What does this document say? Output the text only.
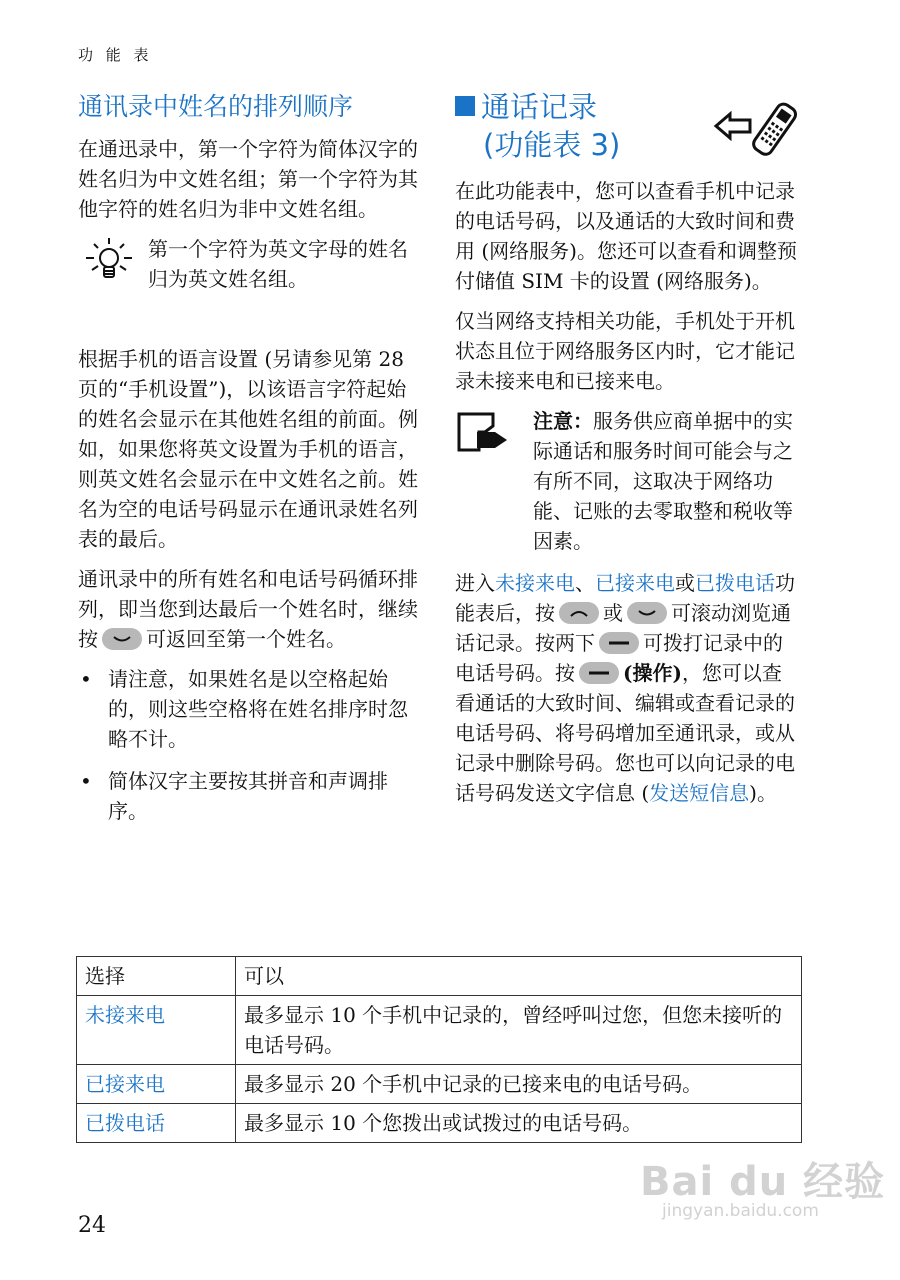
功 能 表
通讯录中姓名的排列顺序

在通迅录中，第一个字符为简体汉字的姓名归为中文姓名组；第一个字符为其他字符的姓名归为非中文姓名组。

第一个字符为英文字母的姓名归为英文姓名组。

根据手机的语言设置 (另请参见第 28 页的“手机设置”)，以该语言字符起始的姓名会显示在其他姓名组的前面。例如，如果您将英文设置为手机的语言，则英文姓名会显示在中文姓名之前。姓名为空的电话号码显示在通讯录姓名列表的最后。

通讯录中的所有姓名和电话号码循环排列，即当您到达最后一个姓名时，继续按 可返回至第一个姓名。

• 请注意，如果姓名是以空格起始的，则这些空格将在姓名排序时忽略不计。
• 简体汉字主要按其拼音和声调排序。
通话记录
(功能表 3)

在此功能表中，您可以查看手机中记录的电话号码，以及通话的大致时间和费用 (网络服务)。您还可以查看和调整预付储值 SIM 卡的设置 (网络服务)。

仅当网络支持相关功能，手机处于开机状态且位于网络服务区内时，它才能记录未接来电和已接来电。

注意：服务供应商单据中的实际通话和服务时间可能会与之有所不同，这取决于网络功能、记账的去零取整和税收等因素。

进入未接来电、已接来电或已拨电话功能表后，按 或 可滚动浏览通话记录。按两下 可拨打记录中的电话号码。按 (操作)，您可以查看通话的大致时间、编辑或查看记录的电话号码、将号码增加至通讯录，或从记录中删除号码。您也可以向记录的电话号码发送文字信息 (发送短信息)。

选择	可以
未接来电	最多显示 10 个手机中记录的，曾经呼叫过您，但您未接听的电话号码。
已接来电	最多显示 20 个手机中记录的已接来电的电话号码。
已拨电话	最多显示 10 个您拨出或试拨过的电话号码。
24
Bai du 经验
jingyan.baidu.com
